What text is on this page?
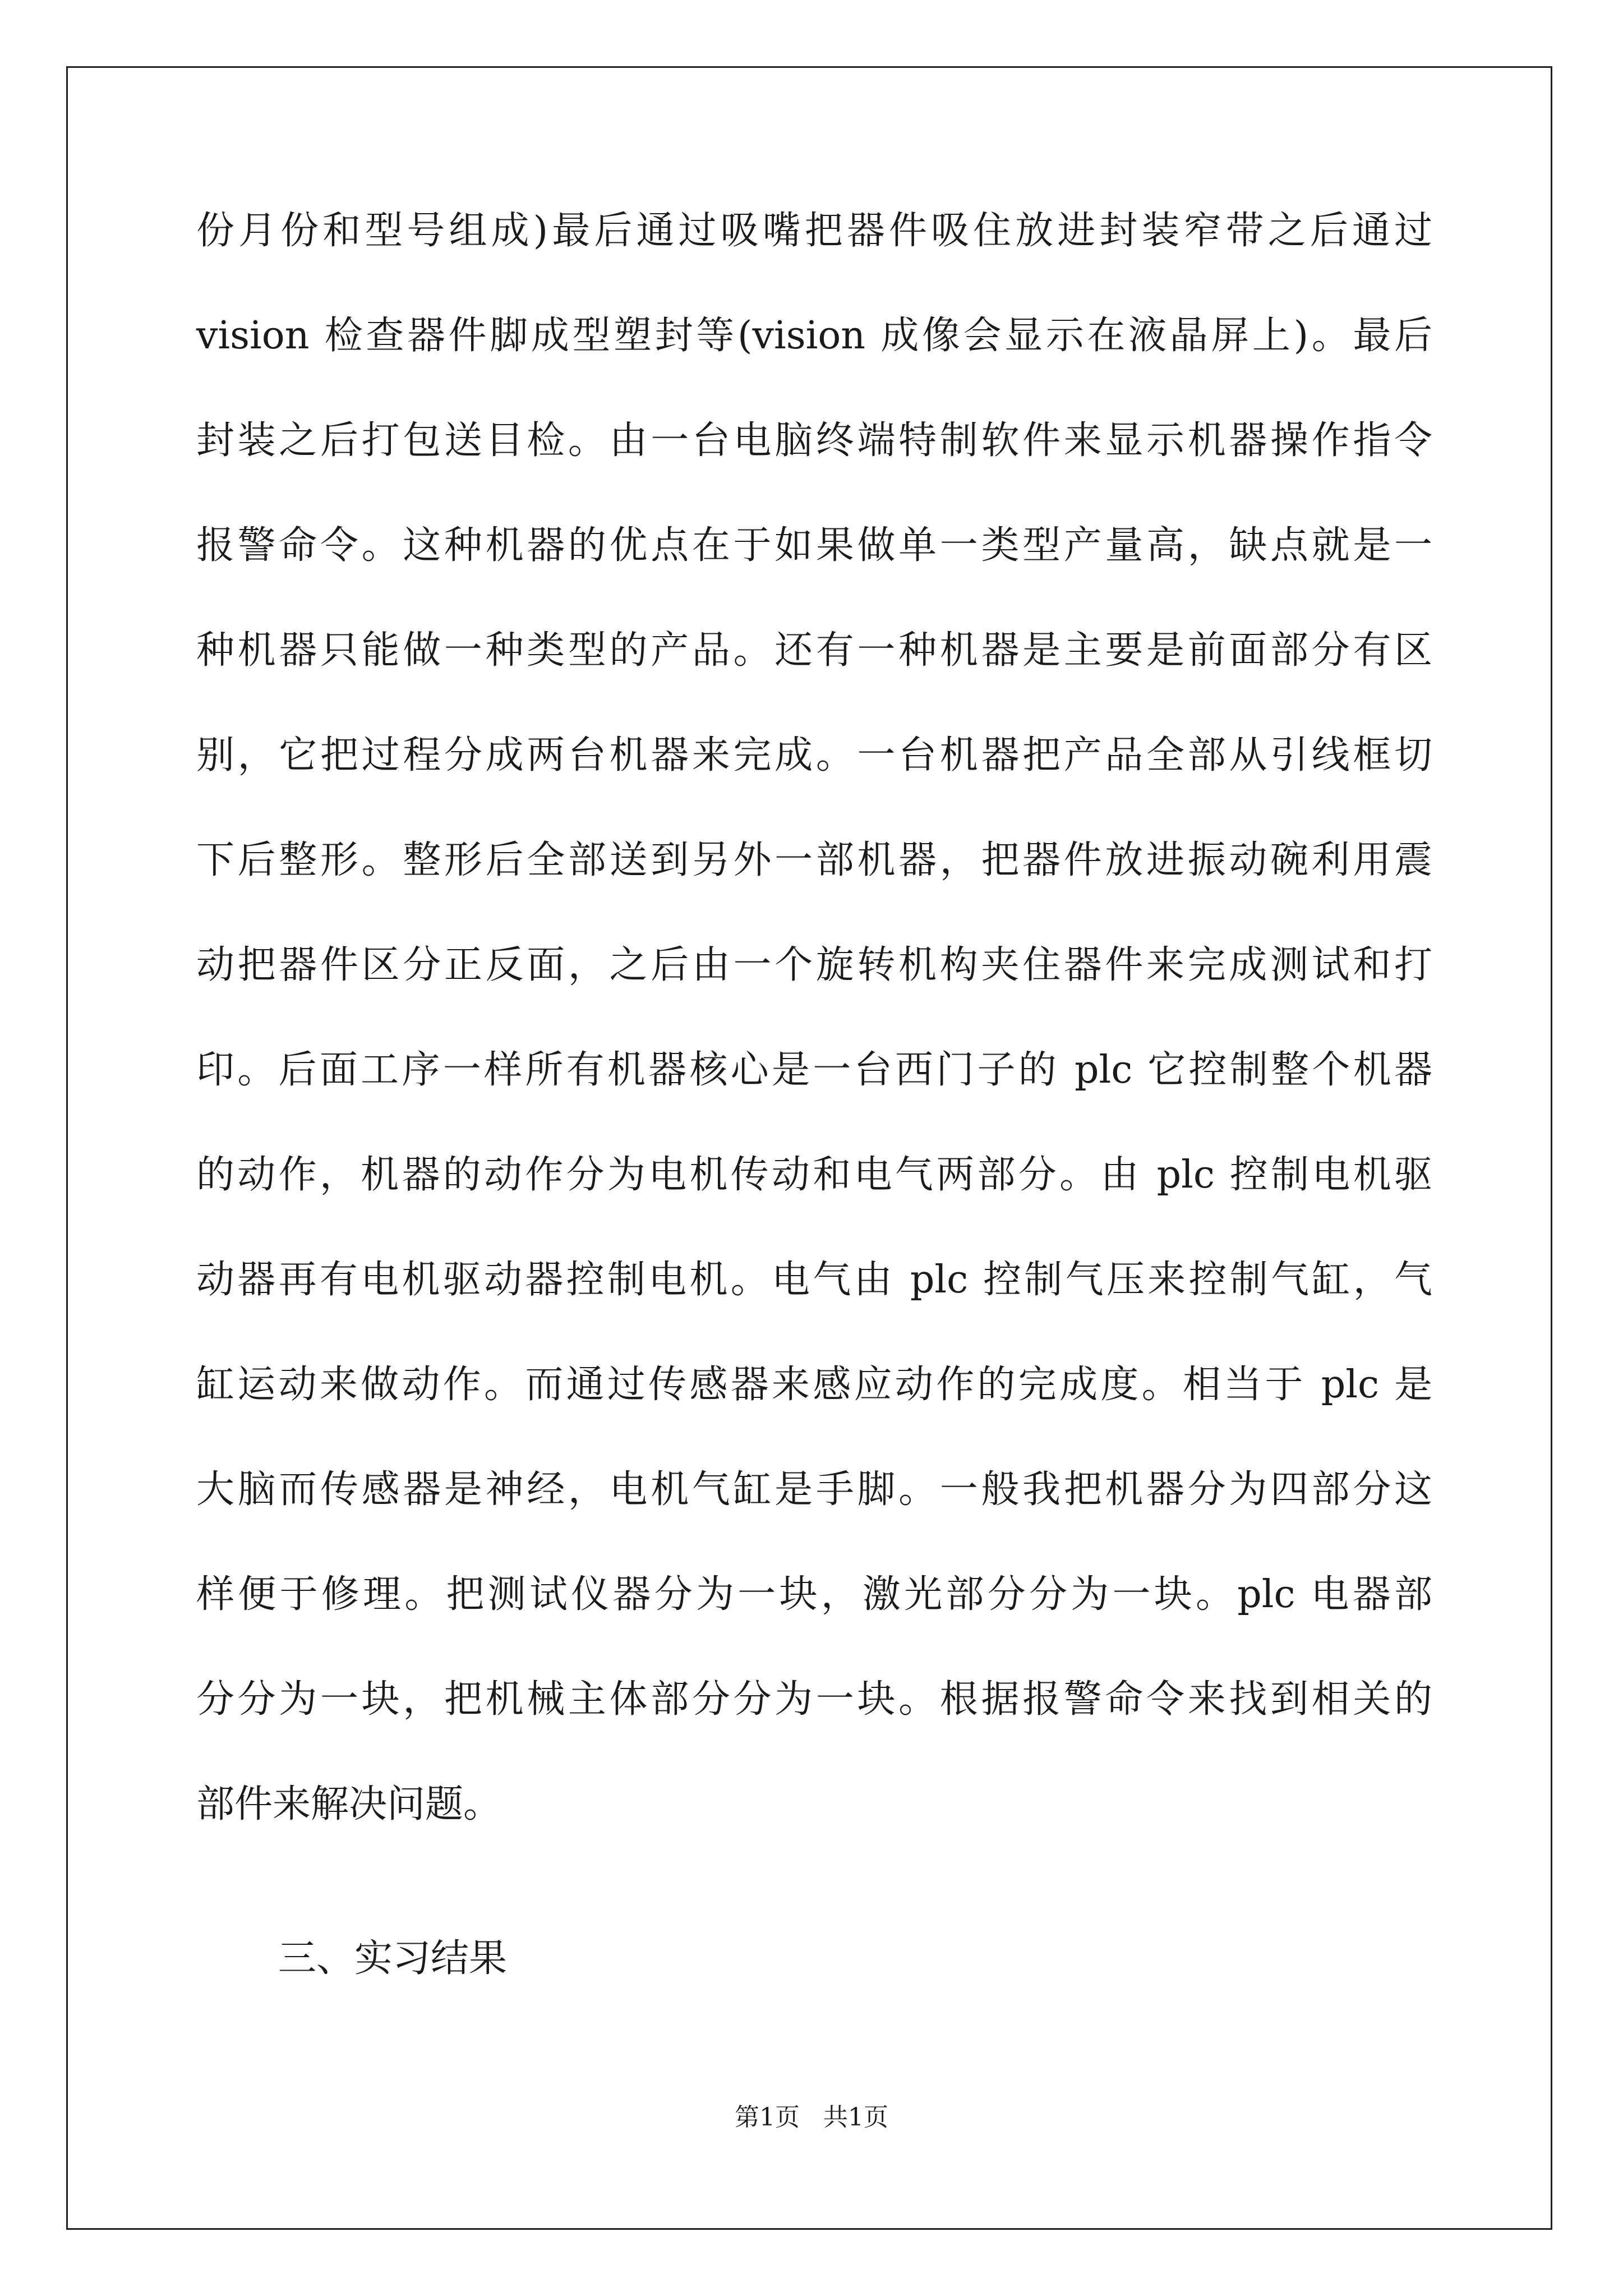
份月份和型号组成)最后通过吸嘴把器件吸住放进封装窄带之后通过
vision 检查器件脚成型塑封等(vision 成像会显示在液晶屏上)。最后
封装之后打包送目检。由一台电脑终端特制软件来显示机器操作指令
报警命令。这种机器的优点在于如果做单一类型产量高，缺点就是一
种机器只能做一种类型的产品。还有一种机器是主要是前面部分有区
别，它把过程分成两台机器来完成。一台机器把产品全部从引线框切
下后整形。整形后全部送到另外一部机器，把器件放进振动碗利用震
动把器件区分正反面，之后由一个旋转机构夹住器件来完成测试和打
印。后面工序一样所有机器核心是一台西门子的 plc 它控制整个机器
的动作，机器的动作分为电机传动和电气两部分。由 plc 控制电机驱
动器再有电机驱动器控制电机。电气由 plc 控制气压来控制气缸，气
缸运动来做动作。而通过传感器来感应动作的完成度。相当于 plc 是
大脑而传感器是神经，电机气缸是手脚。一般我把机器分为四部分这
样便于修理。把测试仪器分为一块，激光部分分为一块。plc 电器部
分分为一块，把机械主体部分分为一块。根据报警命令来找到相关的
部件来解决问题。
三、实习结果
第1页   共1页
